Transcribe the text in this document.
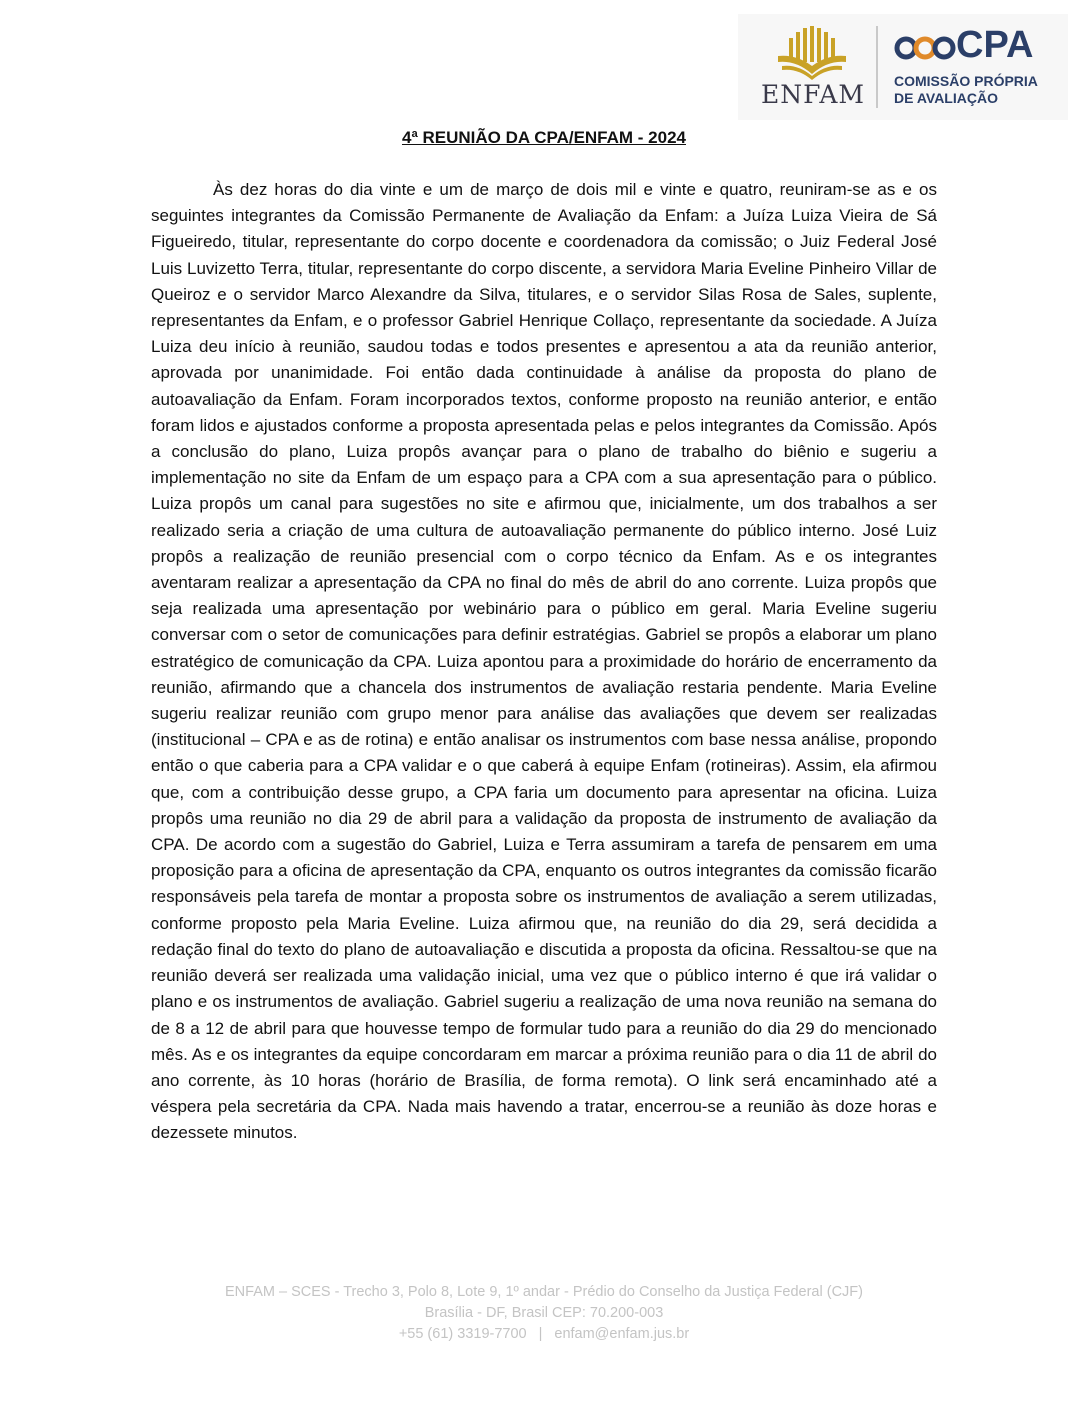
ENFAM
CPA
COMISSÃO PRÓPRIA
DE AVALIAÇÃO
4ª REUNIÃO DA CPA/ENFAM - 2024

Às dez horas do dia vinte e um de março de dois mil e vinte e quatro, reuniram-se as e os seguintes integrantes da Comissão Permanente de Avaliação da Enfam: a Juíza Luiza Vieira de Sá Figueiredo, titular, representante do corpo docente e coordenadora da comissão; o Juiz Federal José Luis Luvizetto Terra, titular, representante do corpo discente, a servidora Maria Eveline Pinheiro Villar de Queiroz e o servidor Marco Alexandre da Silva, titulares, e o servidor Silas Rosa de Sales, suplente, representantes da Enfam, e o professor Gabriel Henrique Collaço, representante da sociedade. A Juíza Luiza deu início à reunião, saudou todas e todos presentes e apresentou a ata da reunião anterior, aprovada por unanimidade. Foi então dada continuidade à análise da proposta do plano de autoavaliação da Enfam. Foram incorporados textos, conforme proposto na reunião anterior, e então foram lidos e ajustados conforme a proposta apresentada pelas e pelos integrantes da Comissão. Após a conclusão do plano, Luiza propôs avançar para o plano de trabalho do biênio e sugeriu a implementação no site da Enfam de um espaço para a CPA com a sua apresentação para o público. Luiza propôs um canal para sugestões no site e afirmou que, inicialmente, um dos trabalhos a ser realizado seria a criação de uma cultura de autoavaliação permanente do público interno. José Luiz propôs a realização de reunião presencial com o corpo técnico da Enfam. As e os integrantes aventaram realizar a apresentação da CPA no final do mês de abril do ano corrente. Luiza propôs que seja realizada uma apresentação por webinário para o público em geral. Maria Eveline sugeriu conversar com o setor de comunicações para definir estratégias. Gabriel se propôs a elaborar um plano estratégico de comunicação da CPA. Luiza apontou para a proximidade do horário de encerramento da reunião, afirmando que a chancela dos instrumentos de avaliação restaria pendente. Maria Eveline sugeriu realizar reunião com grupo menor para análise das avaliações que devem ser realizadas (institucional – CPA e as de rotina) e então analisar os instrumentos com base nessa análise, propondo então o que caberia para a CPA validar e o que caberá à equipe Enfam (rotineiras). Assim, ela afirmou que, com a contribuição desse grupo, a CPA faria um documento para apresentar na oficina. Luiza propôs uma reunião no dia 29 de abril para a validação da proposta de instrumento de avaliação da CPA. De acordo com a sugestão do Gabriel, Luiza e Terra assumiram a tarefa de pensarem em uma proposição para a oficina de apresentação da CPA, enquanto os outros integrantes da comissão ficarão responsáveis pela tarefa de montar a proposta sobre os instrumentos de avaliação a serem utilizadas, conforme proposto pela Maria Eveline. Luiza afirmou que, na reunião do dia 29, será decidida a redação final do texto do plano de autoavaliação e discutida a proposta da oficina. Ressaltou-se que na reunião deverá ser realizada uma validação inicial, uma vez que o público interno é que irá validar o plano e os instrumentos de avaliação. Gabriel sugeriu a realização de uma nova reunião na semana do de 8 a 12 de abril para que houvesse tempo de formular tudo para a reunião do dia 29 do mencionado mês. As e os integrantes da equipe concordaram em marcar a próxima reunião para o dia 11 de abril do ano corrente, às 10 horas (horário de Brasília, de forma remota). O link será encaminhado até a véspera pela secretária da CPA. Nada mais havendo a tratar, encerrou-se a reunião às doze horas e dezessete minutos.

ENFAM – SCES - Trecho 3, Polo 8, Lote 9, 1º andar - Prédio do Conselho da Justiça Federal (CJF)
Brasília - DF, Brasil CEP: 70.200-003
+55 (61) 3319-7700 | enfam@enfam.jus.br
